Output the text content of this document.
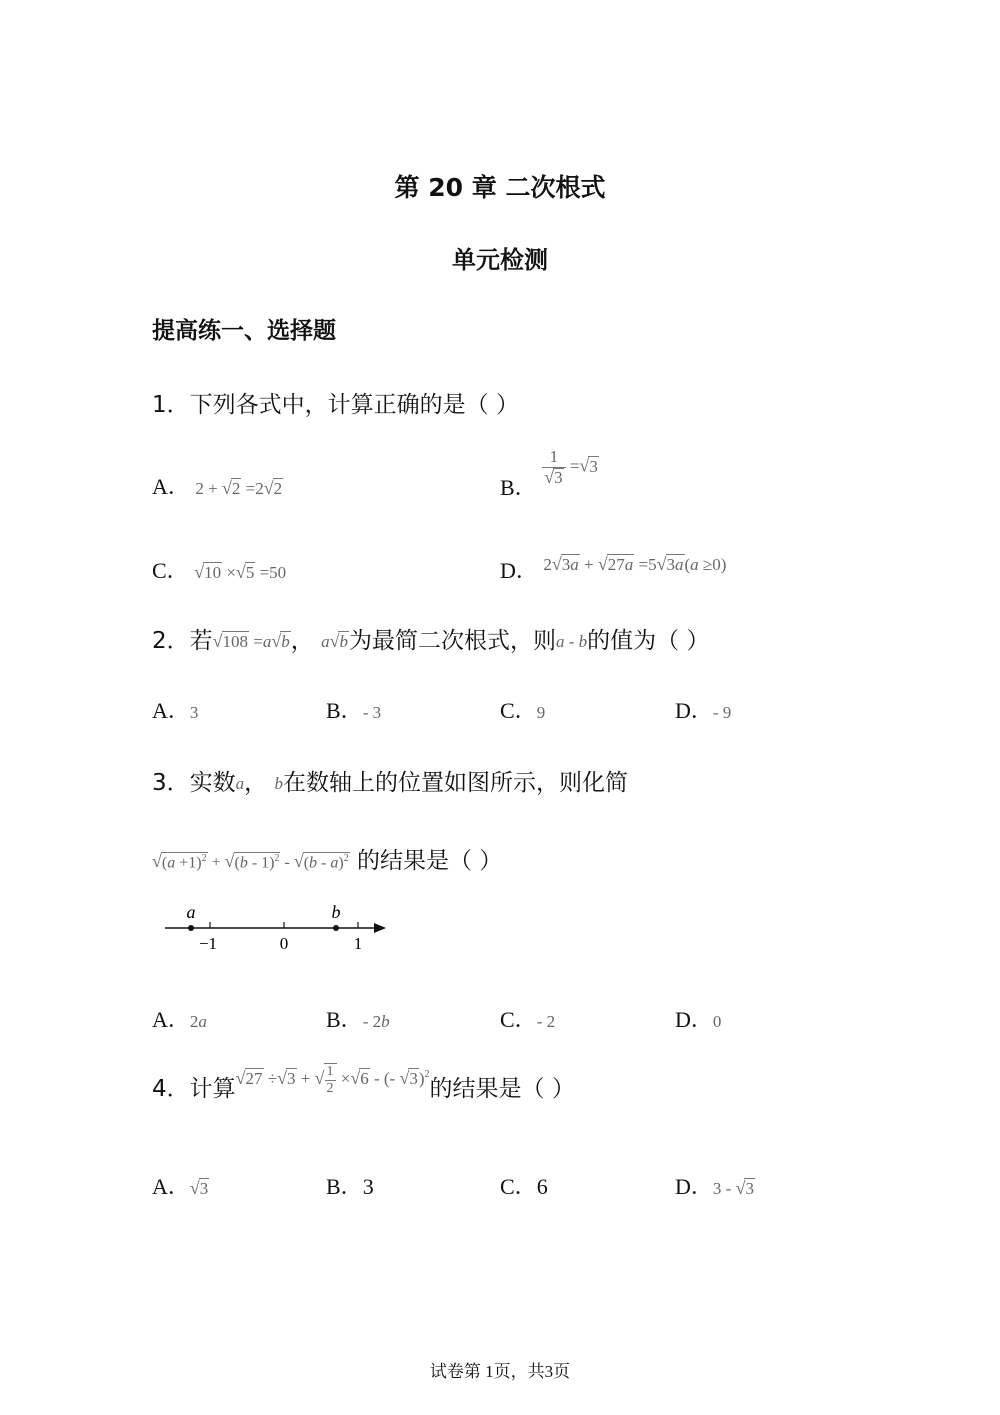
第 20 章 二次根式
单元检测
提高练一、选择题
1．下列各式中，计算正确的是（ ）
A． 2 + √2 =2√2	B． $\frac{1}{√3} =√3$
C． √10 ×√5 =50	D． 2√3a + √27a =5√3a(a ≥0)
2．若√108 =a√b， a√b为最简二次根式，则a - b的值为（ ）
A．3	B．- 3	C．9	D．- 9
3．实数a， b在数轴上的位置如图所示，则化简
$√(a +1)^2 + √(b - 1)^2 - √(b - a)^2$ 的结果是（ ）
a	b
−1	0	1
A．2a	B．- 2b	C．- 2	D．0
4．计算√27 ÷√3 + √ $\frac{1}{2} \times√6$ - (- √3)$^2$的结果是（ ）
A．√3	B．3	C．6	D．3 - √3
试卷第 1页，共3页
